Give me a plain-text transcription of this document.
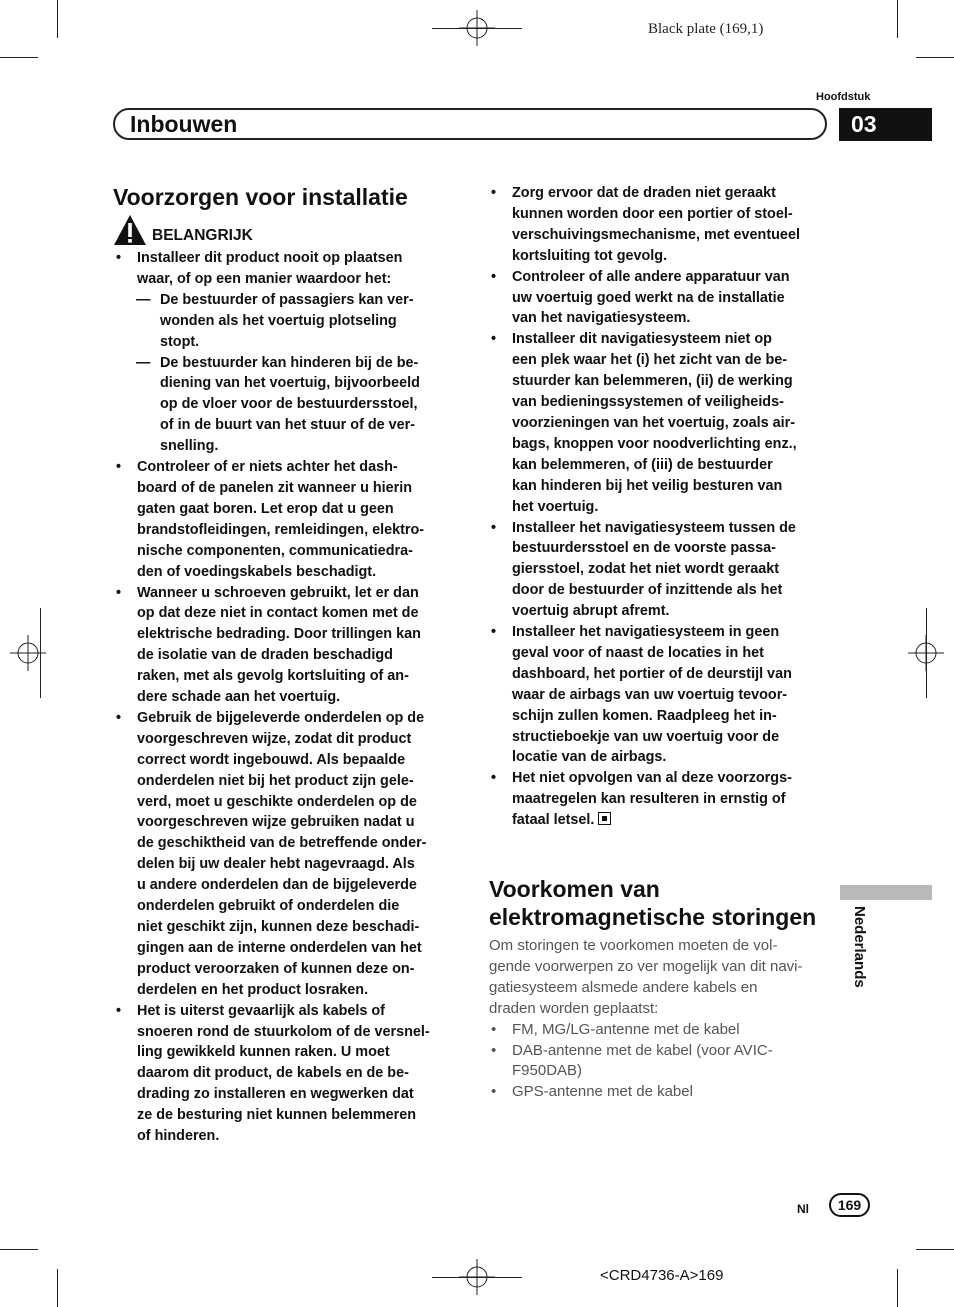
Black plate (169,1)
Hoofdstuk
Inbouwen	03
Voorzorgen voor installatie
BELANGRIJK
• Installeer dit product nooit op plaatsen
waar, of op een manier waardoor het:
— De bestuurder of passagiers kan ver-
wonden als het voertuig plotseling
stopt.
— De bestuurder kan hinderen bij de be-
diening van het voertuig, bijvoorbeeld
op de vloer voor de bestuurdersstoel,
of in de buurt van het stuur of de ver-
snelling.
• Controleer of er niets achter het dash-
board of de panelen zit wanneer u hierin
gaten gaat boren. Let erop dat u geen
brandstofleidingen, remleidingen, elektro-
nische componenten, communicatiedra-
den of voedingskabels beschadigt.
• Wanneer u schroeven gebruikt, let er dan
op dat deze niet in contact komen met de
elektrische bedrading. Door trillingen kan
de isolatie van de draden beschadigd
raken, met als gevolg kortsluiting of an-
dere schade aan het voertuig.
• Gebruik de bijgeleverde onderdelen op de
voorgeschreven wijze, zodat dit product
correct wordt ingebouwd. Als bepaalde
onderdelen niet bij het product zijn gele-
verd, moet u geschikte onderdelen op de
voorgeschreven wijze gebruiken nadat u
de geschiktheid van de betreffende onder-
delen bij uw dealer hebt nagevraagd. Als
u andere onderdelen dan de bijgeleverde
onderdelen gebruikt of onderdelen die
niet geschikt zijn, kunnen deze beschadi-
gingen aan de interne onderdelen van het
product veroorzaken of kunnen deze on-
derdelen en het product losraken.
• Het is uiterst gevaarlijk als kabels of
snoeren rond de stuurkolom of de versnel-
ling gewikkeld kunnen raken. U moet
daarom dit product, de kabels en de be-
drading zo installeren en wegwerken dat
ze de besturing niet kunnen belemmeren
of hinderen.
• Zorg ervoor dat de draden niet geraakt
kunnen worden door een portier of stoel-
verschuivingsmechanisme, met eventueel
kortsluiting tot gevolg.
• Controleer of alle andere apparatuur van
uw voertuig goed werkt na de installatie
van het navigatiesysteem.
• Installeer dit navigatiesysteem niet op
een plek waar het (i) het zicht van de be-
stuurder kan belemmeren, (ii) de werking
van bedieningssystemen of veiligheids-
voorzieningen van het voertuig, zoals air-
bags, knoppen voor noodverlichting enz.,
kan belemmeren, of (iii) de bestuurder
kan hinderen bij het veilig besturen van
het voertuig.
• Installeer het navigatiesysteem tussen de
bestuurdersstoel en de voorste passa-
giersstoel, zodat het niet wordt geraakt
door de bestuurder of inzittende als het
voertuig abrupt afremt.
• Installeer het navigatiesysteem in geen
geval voor of naast de locaties in het
dashboard, het portier of de deurstijl van
waar de airbags van uw voertuig tevoor-
schijn zullen komen. Raadpleeg het in-
structieboekje van uw voertuig voor de
locatie van de airbags.
• Het niet opvolgen van al deze voorzorgs-
maatregelen kan resulteren in ernstig of
fataal letsel.
Voorkomen van
elektromagnetische storingen
Om storingen te voorkomen moeten de vol-
gende voorwerpen zo ver mogelijk van dit navi-
gatiesysteem alsmede andere kabels en
draden worden geplaatst:
• FM, MG/LG-antenne met de kabel
• DAB-antenne met de kabel (voor AVIC-
F950DAB)
• GPS-antenne met de kabel
Nederlands
Nl	169
<CRD4736-A>169
